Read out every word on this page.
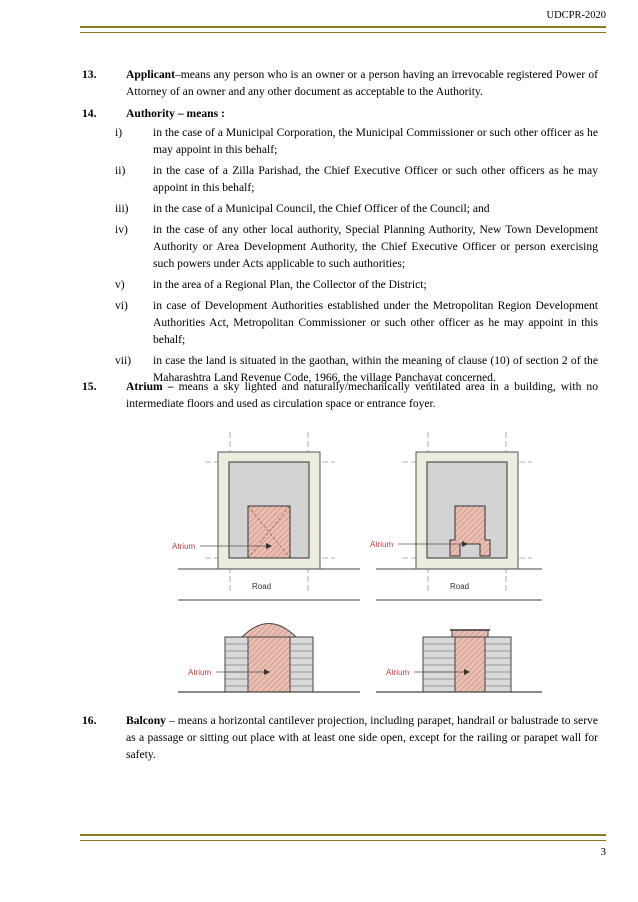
UDCPR-2020
13.	Applicant–means any person who is an owner or a person having an irrevocable registered Power of Attorney of an owner and any other document as acceptable to the Authority.
14.	Authority – means :
i)	in the case of a Municipal Corporation, the Municipal Commissioner or such other officer as he may appoint in this behalf;
ii) in the case of a Zilla Parishad, the Chief Executive Officer or such other officers as he may appoint in this behalf;
iii) in the case of a Municipal Council, the Chief Officer of the Council; and
iv) in the case of any other local authority, Special Planning Authority, New Town Development Authority or Area Development Authority, the Chief Executive Officer or person exercising such powers under Acts applicable to such authorities;
v) in the area of a Regional Plan, the Collector of the District;
vi) in case of Development Authorities established under the Metropolitan Region Development Authorities Act, Metropolitan Commissioner or such other officer as he may appoint in this behalf;
vii) in case the land is situated in the gaothan, within the meaning of clause (10) of section 2 of the Maharashtra Land Revenue Code, 1966, the village Panchayat concerned.
15.	Atrium – means a sky lighted and naturally/mechanically ventilated area in a building, with no intermediate floors and used as circulation space or entrance foyer.
Atrium
Road
Atrium
Road
Atrium	Atrium
16.	Balcony – means a horizontal cantilever projection, including parapet, handrail or balustrade to serve as a passage or sitting out place with at least one side open, except for the railing or parapet wall for safety.
3
